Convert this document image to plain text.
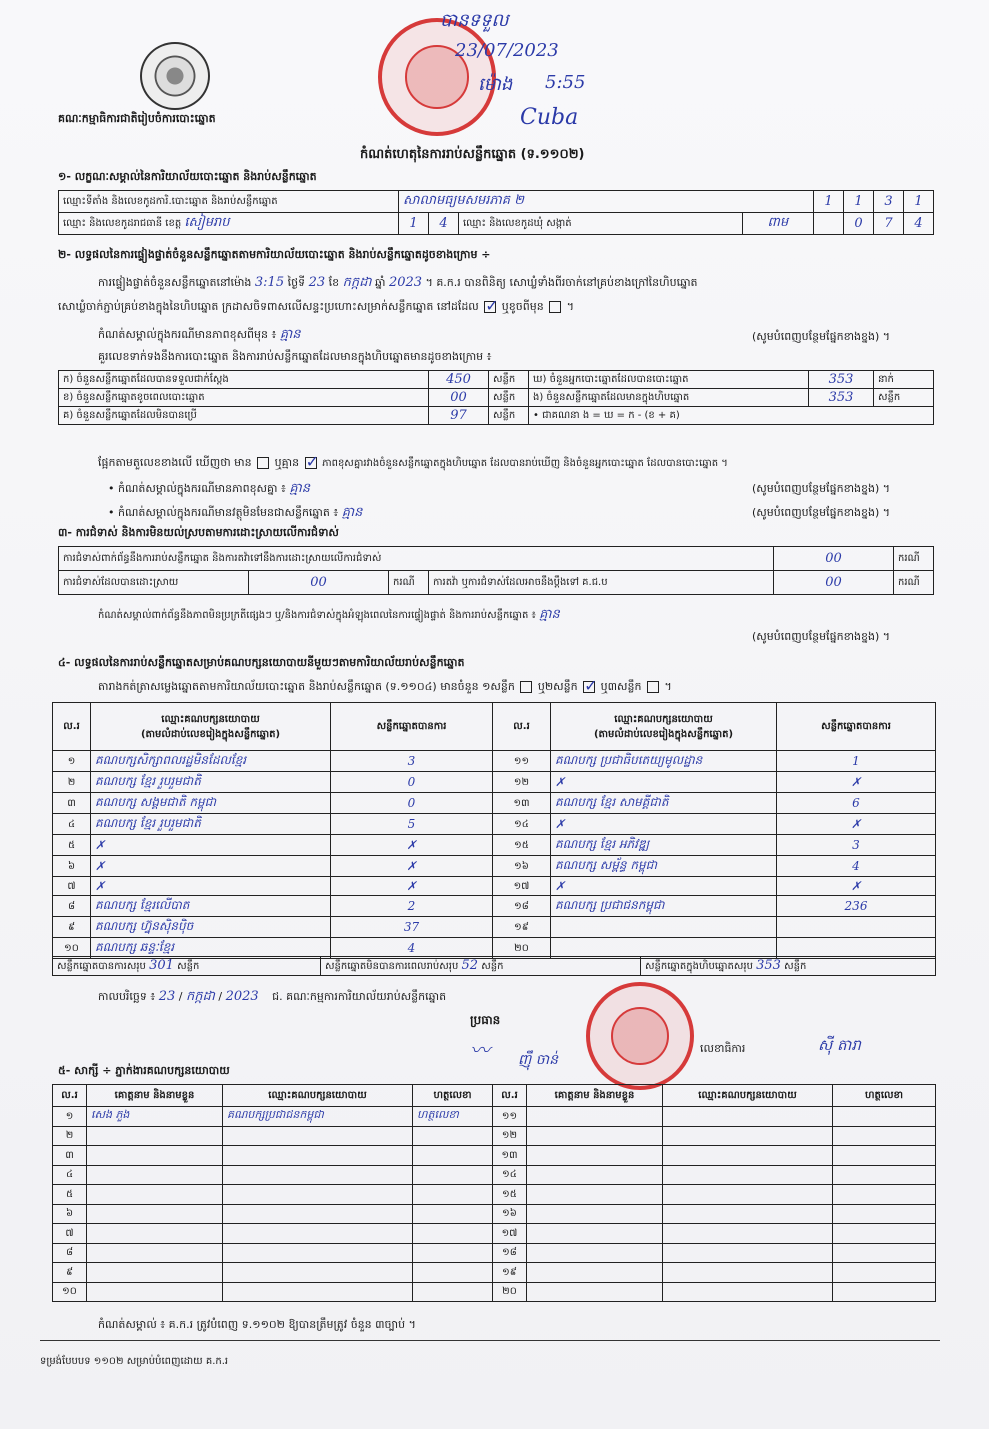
គណៈកម្មាធិការជាតិរៀបចំការបោះឆ្នោត
បានទទួល
23/07/2023
ម៉ោង 5:55
Cuba
កំណត់ហេតុនៃការរាប់សន្លឹកឆ្នោត (ទ.១១០២)
១- លក្ខណៈសម្គាល់នៃការិយាល័យបោះឆ្នោត និងរាប់សន្លឹកឆ្នោត
ឈ្មោះទីតាំង និងលេខកូដការិ.បោះឆ្នោត និងរាប់សន្លឹកឆ្នោត	សាលាមធ្យមសមរភាគ ២				1	1	3	1
ឈ្មោះ និងលេខកូដរាជធានី ខេត្ត សៀមរាប	1	4	ឈ្មោះ និងលេខកូដឃុំ សង្កាត់	ពាម		0	7	4
២- លទ្ធផលនៃការផ្ទៀងផ្ទាត់ចំនួនសន្លឹកឆ្នោតតាមការិយាល័យបោះឆ្នោត និងរាប់សន្លឹកឆ្នោតដូចខាងក្រោម ÷
ការផ្ទៀងផ្ទាត់ចំនួនសន្លឹកឆ្នោតនៅម៉ោង 3:15 ថ្ងៃទី 23 ខែ កក្កដា ឆ្នាំ 2023 ។ គ.ក.រ បានពិនិត្យ សោឃ្លំទាំងពីរចាក់នៅគ្រប់ខាងក្រៅនៃហិបឆ្នោត
សោឃ្លំចាក់ភ្ជាប់គ្រប់ខាងក្នុងនៃហិបឆ្នោត ក្រដាសចិទពាសលើសន្ទះប្រហោះសម្រាក់សន្លឹកឆ្នោត នៅដដែល ✓ ឬខូចពីមុន  ។
កំណត់សម្គាល់ក្នុងករណីមានភាពខុសពីមុន ៖ គ្មាន	(សូមបំពេញបន្ថែមផ្នែកខាងខ្នង) ។
គួរលេខទាក់ទងនឹងការបោះឆ្នោត និងការរាប់សន្លឹកឆ្នោតដែលមានក្នុងហិបឆ្នោតមានដូចខាងក្រោម ៖
ក) ចំនួនសន្លឹកឆ្នោតដែលបានទទួលជាក់ស្តែង	450	សន្លឹក	ឃ) ចំនួនអ្នកបោះឆ្នោតដែលបានបោះឆ្នោត	353	នាក់
ខ) ចំនួនសន្លឹកឆ្នោតខូចពេលបោះឆ្នោត	00	សន្លឹក	ង) ចំនួនសន្លឹកឆ្នោតដែលមានក្នុងហិបឆ្នោត	353	សន្លឹក
គ) ចំនួនសន្លឹកឆ្នោតដែលមិនបានប្រើ	97	សន្លឹក	• ជាគណនា ង = ឃ = ក - (ខ + គ)		
ផ្អែកតាមតួលេខខាងលើ ឃើញថា មាន ឬគ្មាន ✓ ភាពខុសគ្នារវាងចំនួនសន្លឹកឆ្នោតក្នុងហិបឆ្នោត ដែលបានរាប់ឃើញ និងចំនួនអ្នកបោះឆ្នោត ដែលបានបោះឆ្នោត ។
• កំណត់សម្គាល់ក្នុងករណីមានភាពខុសគ្នា ៖ គ្មាន	(សូមបំពេញបន្ថែមផ្នែកខាងខ្នង) ។
• កំណត់សម្គាល់ក្នុងករណីមានវត្ថុមិនមែនជាសន្លឹកឆ្នោត ៖ គ្មាន	(សូមបំពេញបន្ថែមផ្នែកខាងខ្នង) ។
៣- ការជំទាស់ និងការមិនយល់ស្របតាមការដោះស្រាយលើការជំទាស់
ការជំទាស់ពាក់ព័ន្ធនឹងការរាប់សន្លឹកឆ្នោត និងការតវ៉ាទៅនឹងការដោះស្រាយលើការជំទាស់				00	ករណី
ការជំទាស់ដែលបានដោះស្រាយ	00	ករណី	ការតវ៉ា ឬការជំទាស់ដែលអាចនឹងប្តឹងទៅ គ.ជ.ប	00	ករណី
កំណត់សម្គាល់ពាក់ព័ន្ធនឹងភាពមិនប្រក្រតីផ្សេងៗ ឬ/និងការជំទាស់ក្នុងអំឡុងពេលនៃការផ្ទៀងផ្ទាត់ និងការរាប់សន្លឹកឆ្នោត ៖ គ្មាន
(សូមបំពេញបន្ថែមផ្នែកខាងខ្នង) ។
៤- លទ្ធផលនៃការរាប់សន្លឹកឆ្នោតសម្រាប់គណបក្សនយោបាយនីមួយៗតាមការិយាល័យរាប់សន្លឹកឆ្នោត
តារាងកត់ត្រាសម្លេងឆ្នោតតាមការិយាល័យបោះឆ្នោត និងរាប់សន្លឹកឆ្នោត (ទ.១១០៤) មានចំនួន ១សន្លឹក ឬ២សន្លឹក ✓ ឬ៣សន្លឹក  ។
ល.រ	ឈ្មោះគណបក្សនយោបាយ
(តាមលំដាប់លេខរៀងក្នុងសន្លឹកឆ្នោត)	សន្លឹកឆ្នោតបានការ	ល.រ	ឈ្មោះគណបក្សនយោបាយ
(តាមលំដាប់លេខរៀងក្នុងសន្លឹកឆ្នោត)	សន្លឹកឆ្នោតបានការ
១	គណបក្សសិក្សាពលរដ្ឋមិនដែលខ្មែរ	3	១១	គណបក្ស ប្រជាធិបតេយ្យមូលដ្ឋាន	1
២	គណបក្ស ខ្មែរ រួបរួមជាតិ	0	១២	✗	✗
៣	គណបក្ស សង្គមជាតិ កម្ពុជា	0	១៣	គណបក្ស ខ្មែរ សាមគ្គីជាតិ	6
៤	គណបក្ស ខ្មែរ រួបរួមជាតិ	5	១៤	✗	✗
៥	✗	✗	១៥	គណបក្ស ខ្មែរ អភិវឌ្ឍ	3
៦	✗	✗	១៦	គណបក្ស សម្ព័ន្ធ កម្ពុជា	4
៧	✗	✗	១៧	✗	✗
៨	គណបក្ស ខ្មែរលើបាត	2	១៨	គណបក្ស ប្រជាជនកម្ពុជា	236
៩	គណបក្ស ហ្វ៊ុនស៊ិនប៉ិច	37	១៩		
១០	គណបក្ស ឆន្ទៈខ្មែរ	4	២០		
សន្លឹកឆ្នោតបានការសរុប 301 សន្លឹក	សន្លឹកឆ្នោតមិនបានការពេលរាប់សរុប 52 សន្លឹក	សន្លឹកឆ្នោតក្នុងហិបឆ្នោតសរុប 353 សន្លឹក
កាលបរិច្ឆេទ ៖ 23 / កក្កដា / 2023 ជ. គណៈកម្មការការិយាល័យរាប់សន្លឹកឆ្នោត
ប្រធាន
〰 ញ៉ឹ ចាន់
លេខាធិការ	ស៊ី តារា
៥- សាក្សី ÷ ភ្នាក់ងារគណបក្សនយោបាយ
ល.រ	គោត្តនាម និងនាមខ្លួន	ឈ្មោះគណបក្សនយោបាយ	ហត្ថលេខា	ល.រ	គោត្តនាម និងនាមខ្លួន	ឈ្មោះគណបក្សនយោបាយ	ហត្ថលេខា
១	សេង ភួង	គណបក្សប្រជាជនកម្ពុជា	ហត្ថលេខា	១១			
២				១២			
៣				១៣			
៤				១៤			
៥				១៥			
៦				១៦			
៧				១៧			
៨				១៨			
៩				១៩			
១០				២០			
កំណត់សម្គាល់ ៖ គ.ក.រ ត្រូវបំពេញ ទ.១១០២ ឱ្យបានត្រឹមត្រូវ ចំនួន ៣ច្បាប់ ។
ទម្រង់បែបបទ ១១០២ សម្រាប់បំពេញដោយ គ.ក.រ
